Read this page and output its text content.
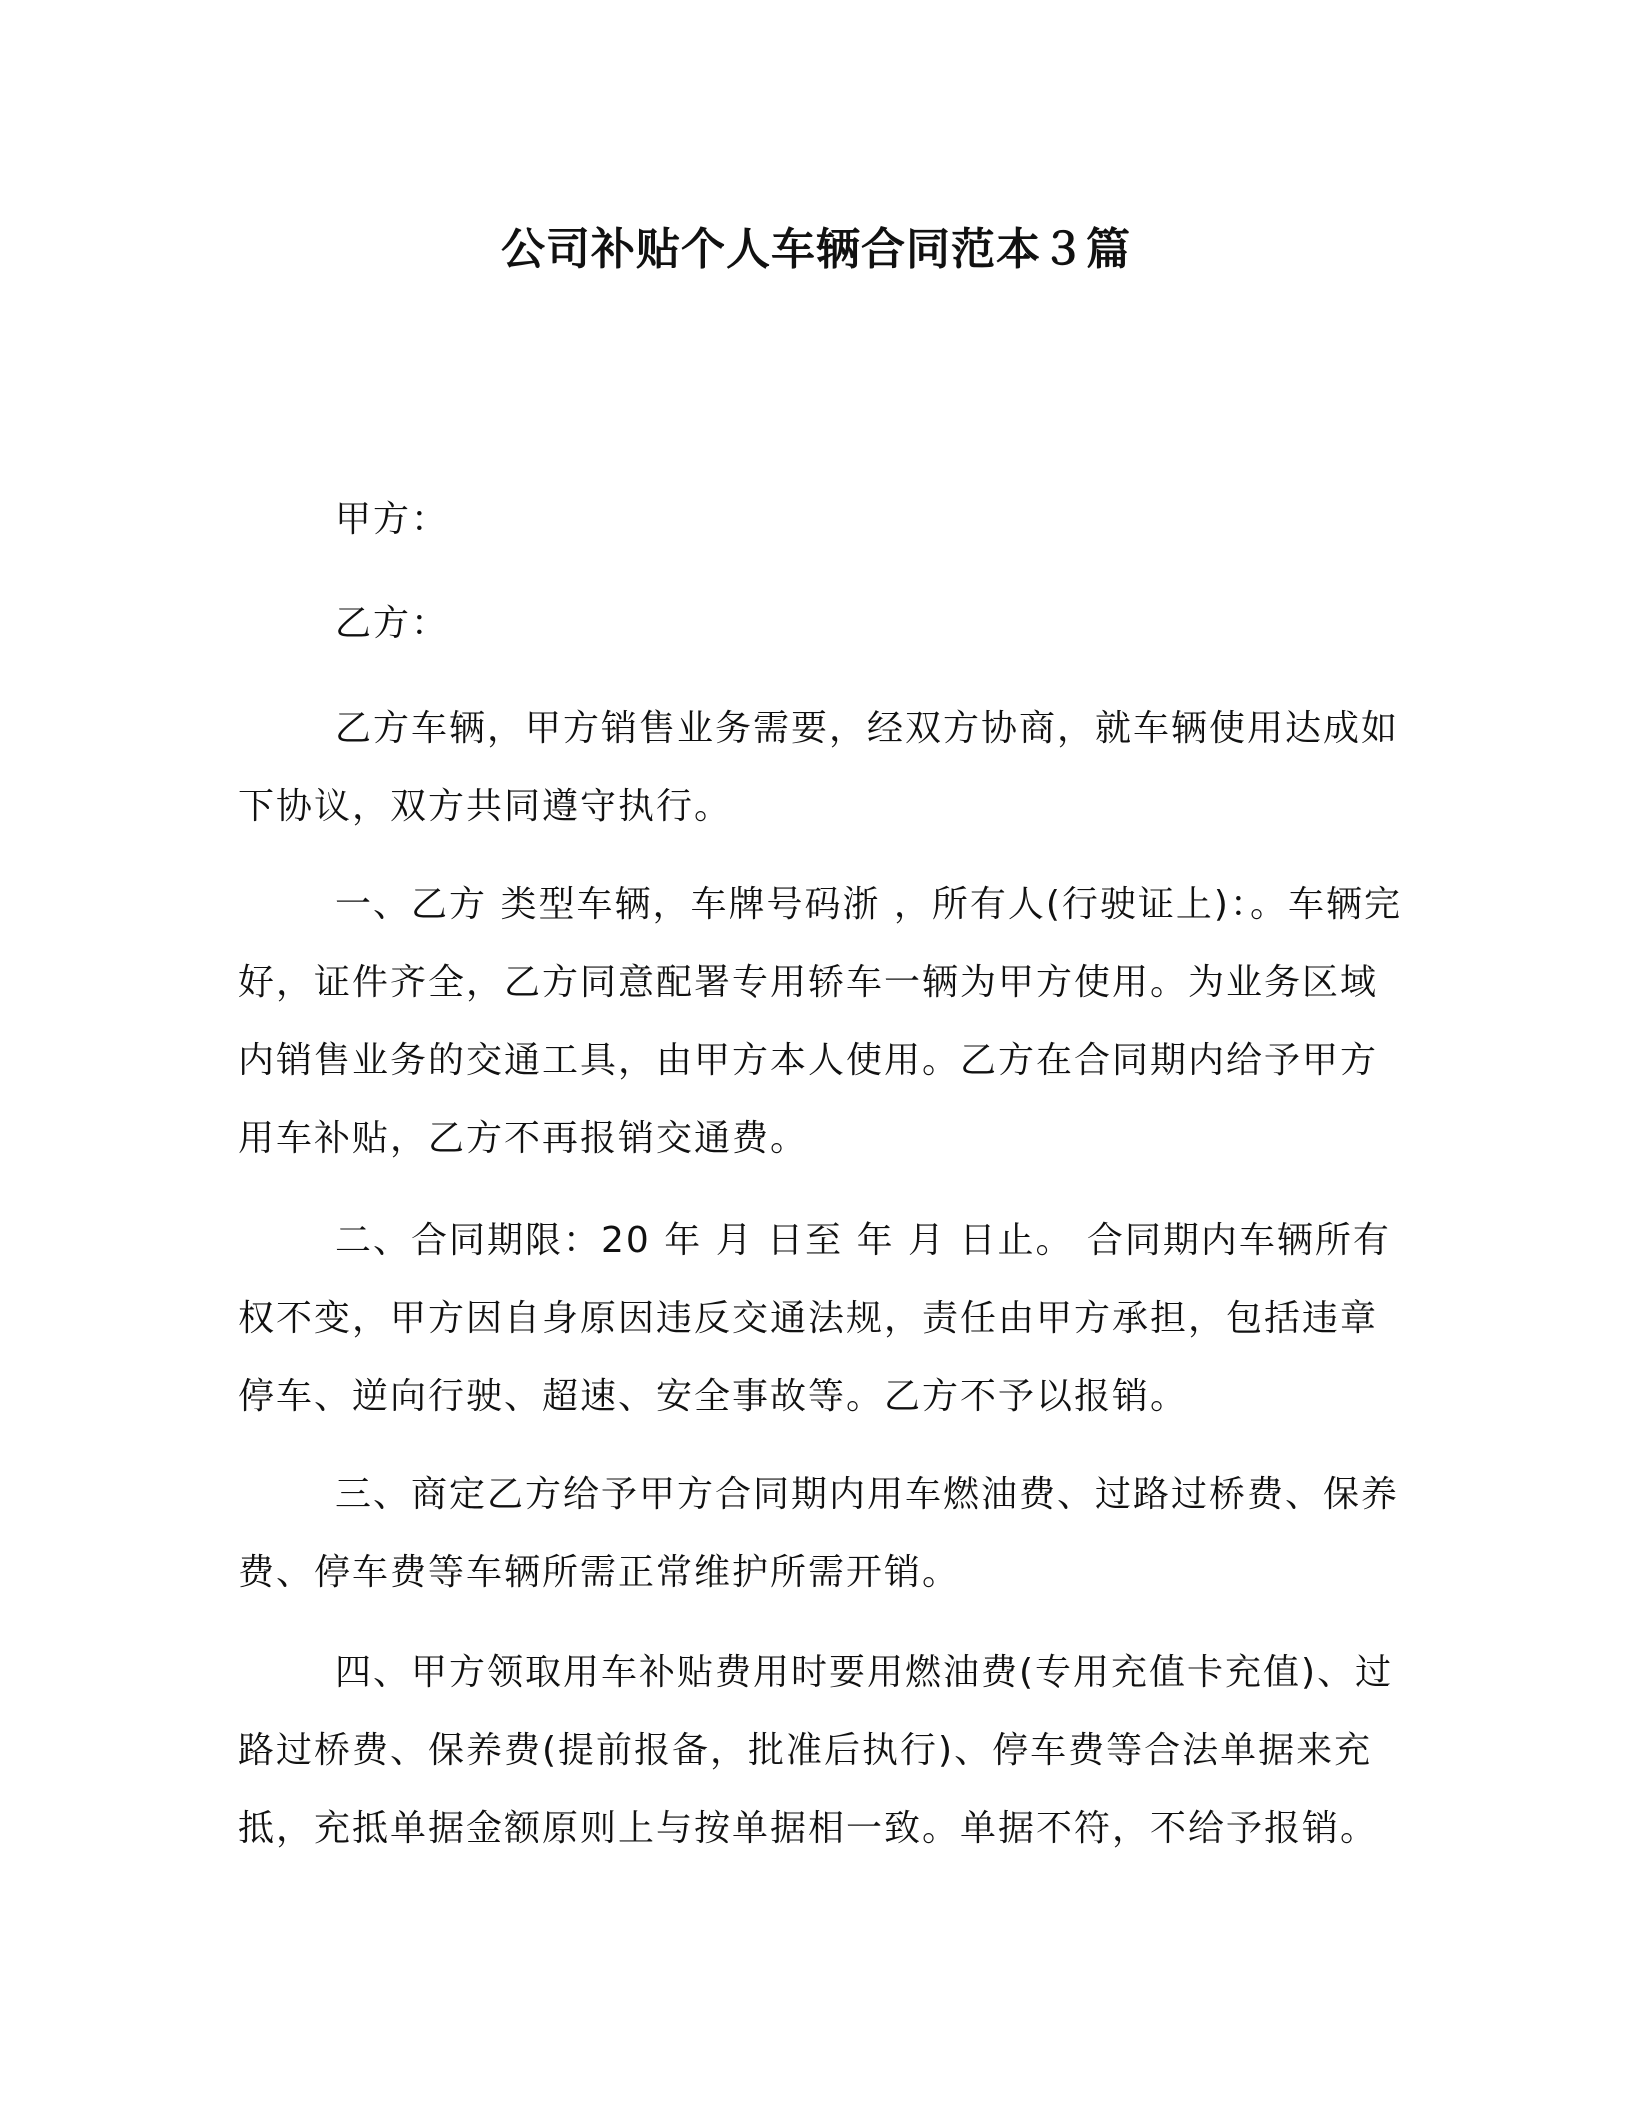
公司补贴个人车辆合同范本３篇

甲方：

乙方：

乙方车辆，甲方销售业务需要，经双方协商，就车辆使用达成如下协议，双方共同遵守执行。

一、乙方 类型车辆，车牌号码浙 ，所有人(行驶证上)：。车辆完好，证件齐全，乙方同意配署专用轿车一辆为甲方使用。为业务区域内销售业务的交通工具，由甲方本人使用。乙方在合同期内给予甲方用车补贴，乙方不再报销交通费。

二、合同期限：20 年 月 日至 年 月 日止。 合同期内车辆所有权不变，甲方因自身原因违反交通法规，责任由甲方承担，包括违章停车、逆向行驶、超速、安全事故等。乙方不予以报销。

三、商定乙方给予甲方合同期内用车燃油费、过路过桥费、保养费、停车费等车辆所需正常维护所需开销。

四、甲方领取用车补贴费用时要用燃油费(专用充值卡充值)、过路过桥费、保养费(提前报备，批准后执行)、停车费等合法单据来充抵，充抵单据金额原则上与按单据相一致。单据不符，不给予报销。
